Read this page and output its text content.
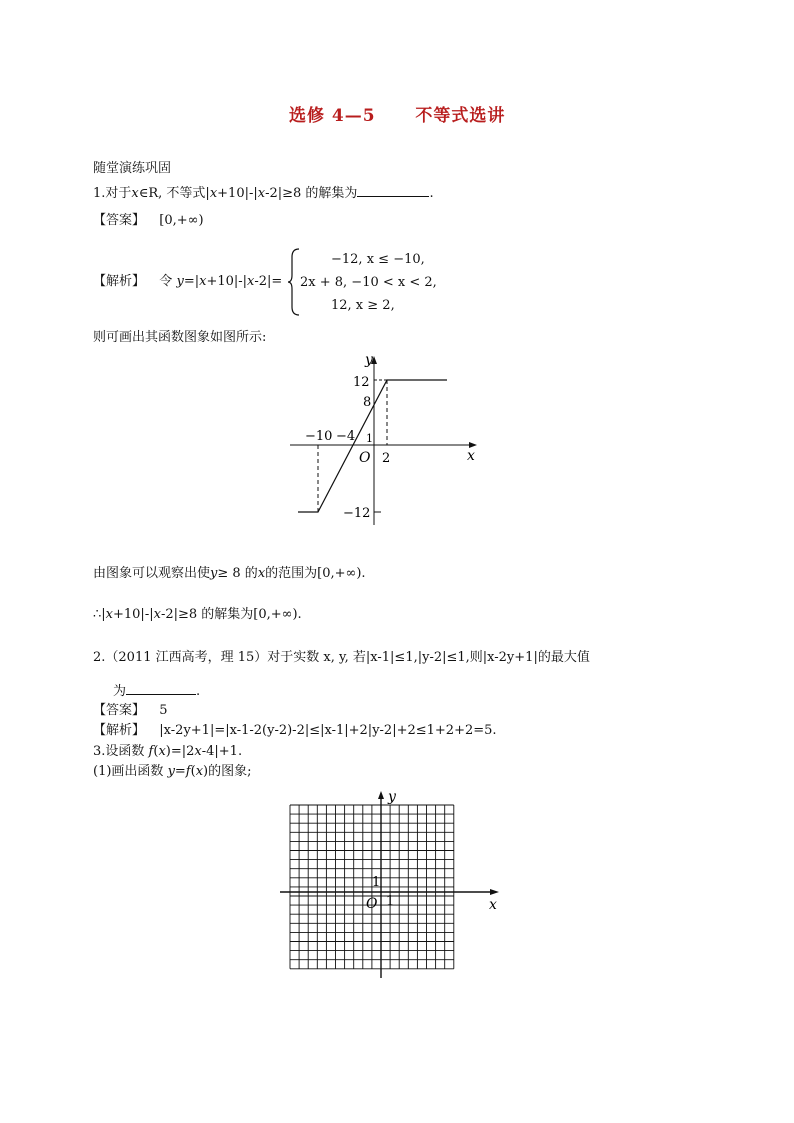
选修 4—5 不等式选讲
随堂演练巩固
1.对于x∈R, 不等式|x+10|-|x-2|≥8 的解集为	.
【答案】 [0,+∞)
【解析】 令 y=|x+10|-|x-2|=
−12, x ≤ −10,
2x + 8, −10 < x < 2,
12, x ≥ 2,
则可画出其函数图象如图所示:
y
x
O
12
8
1
−10 −4
2
−12
由图象可以观察出使y≥ 8 的x的范围为[0,+∞).
∴|x+10|-|x-2|≥8 的解集为[0,+∞).
2.（2011 江西高考，理 15）对于实数 x, y, 若|x-1|≤1,|y-2|≤1,则|x-2y+1|的最大值
为	.
【答案】 5
【解析】 |x-2y+1|=|x-1-2(y-2)-2|≤|x-1|+2|y-2|+2≤1+2+2=5.
3.设函数 f(x)=|2x-4|+1.
(1)画出函数 y=f(x)的图象;
y
x
O
1
1
